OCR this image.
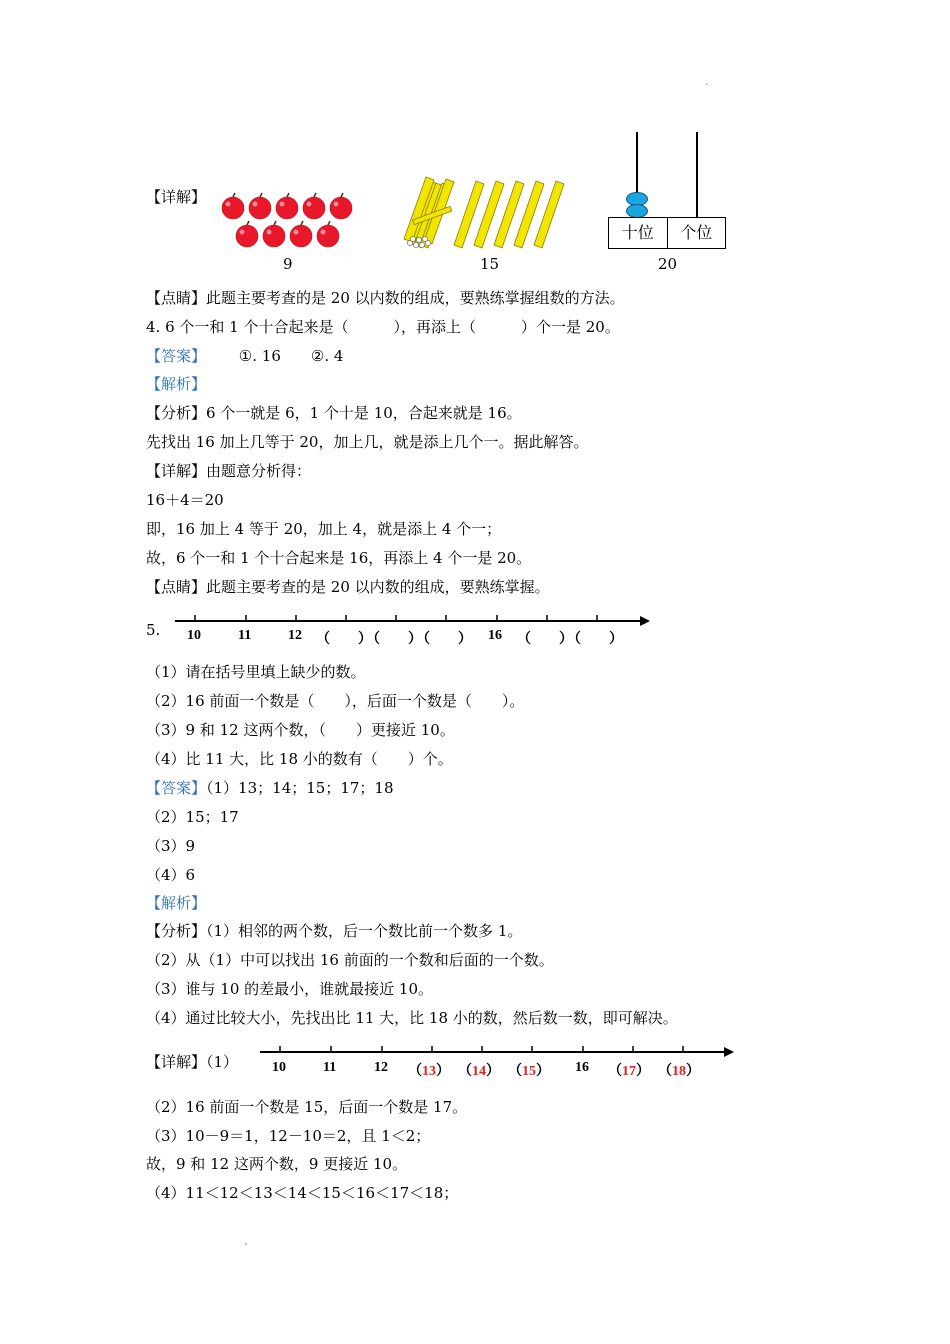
`
【详解】
9	15
十位	个位
20
【点睛】此题主要考查的是 20 以内数的组成，要熟练掌握组数的方法。
4. 6 个一和 1 个十合起来是（　　　），再添上（　　　）个一是 20。
【答案】 ①. 16　　②. 4
【解析】
【分析】6 个一就是 6，1 个十是 10，合起来就是 16。
先找出 16 加上几等于 20，加上几，就是添上几个一。据此解答。
【详解】由题意分析得：
16＋4＝20
即，16 加上 4 等于 20，加上 4，就是添上 4 个一；
故，6 个一和 1 个十合起来是 16，再添上 4 个一是 20。
【点睛】此题主要考查的是 20 以内数的组成，要熟练掌握。
5. 10	11	12 （　　）
（　　）
（　　） 16 （　　）
（　　）
（1）请在括号里填上缺少的数。
（2）16 前面一个数是（　　），后面一个数是（　　）。
（3）9 和 12 这两个数，（　　）更接近 10。
（4）比 11 大，比 18 小的数有（　　）个。
【答案】（1）13；14；15；17；18
（2）15；17
（3）9
（4）6
【解析】
【分析】（1）相邻的两个数，后一个数比前一个数多 1。
（2）从（1）中可以找出 16 前面的一个数和后面的一个数。
（3）谁与 10 的差最小，谁就最接近 10。
（4）通过比较大小，先找出比 11 大，比 18 小的数，然后数一数，即可解决。
【详解】（1） 10	11	12 （13） （14） （15） 16 （17） （18）
（2）16 前面一个数是 15，后面一个数是 17。
（3）10－9＝1，12－10＝2，且 1＜2；
故，9 和 12 这两个数，9 更接近 10。
（4）11＜12＜13＜14＜15＜16＜17＜18；
`
